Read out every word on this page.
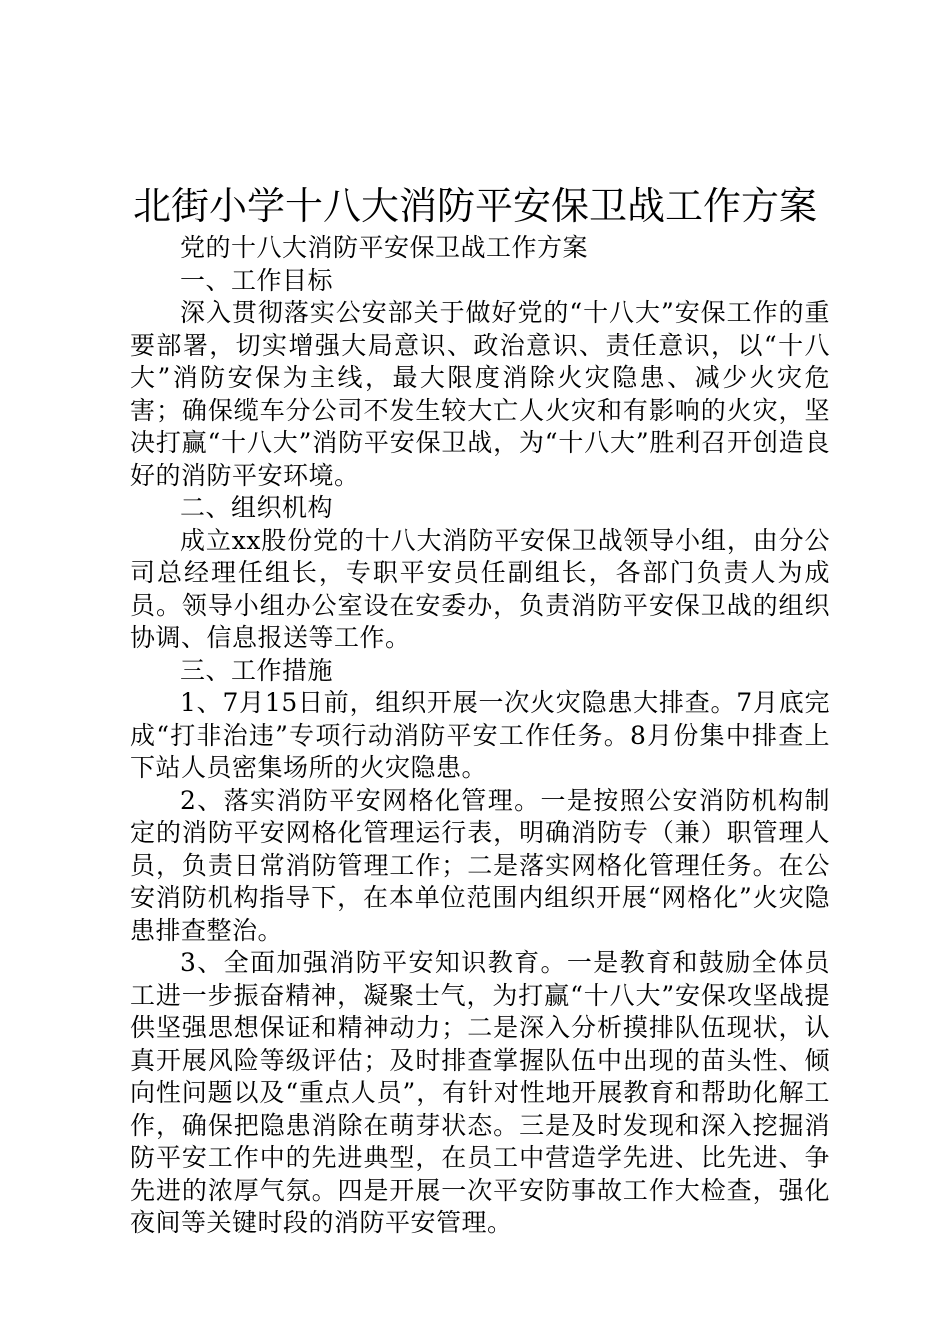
北街小学十八大消防平安保卫战工作方案

党的十八大消防平安保卫战工作方案

一、工作目标

深入贯彻落实公安部关于做好党的“十八大”安保工作的重要部署，切实增强大局意识、政治意识、责任意识，以“十八大”消防安保为主线，最大限度消除火灾隐患、减少火灾危害；确保缆车分公司不发生较大亡人火灾和有影响的火灾，坚决打赢“十八大”消防平安保卫战，为“十八大”胜利召开创造良好的消防平安环境。

二、组织机构

成立xx股份党的十八大消防平安保卫战领导小组，由分公司总经理任组长，专职平安员任副组长，各部门负责人为成员。领导小组办公室设在安委办，负责消防平安保卫战的组织协调、信息报送等工作。

三、工作措施

1、7月15日前，组织开展一次火灾隐患大排查。7月底完成“打非治违”专项行动消防平安工作任务。8月份集中排查上下站人员密集场所的火灾隐患。

2、落实消防平安网格化管理。一是按照公安消防机构制定的消防平安网格化管理运行表，明确消防专（兼）职管理人员，负责日常消防管理工作；二是落实网格化管理任务。在公安消防机构指导下，在本单位范围内组织开展“网格化”火灾隐患排查整治。

3、全面加强消防平安知识教育。一是教育和鼓励全体员工进一步振奋精神，凝聚士气，为打赢“十八大”安保攻坚战提供坚强思想保证和精神动力；二是深入分析摸排队伍现状，认真开展风险等级评估；及时排查掌握队伍中出现的苗头性、倾向性问题以及“重点人员”，有针对性地开展教育和帮助化解工作，确保把隐患消除在萌芽状态。三是及时发现和深入挖掘消防平安工作中的先进典型，在员工中营造学先进、比先进、争先进的浓厚气氛。四是开展一次平安防事故工作大检查，强化夜间等关键时段的消防平安管理。
